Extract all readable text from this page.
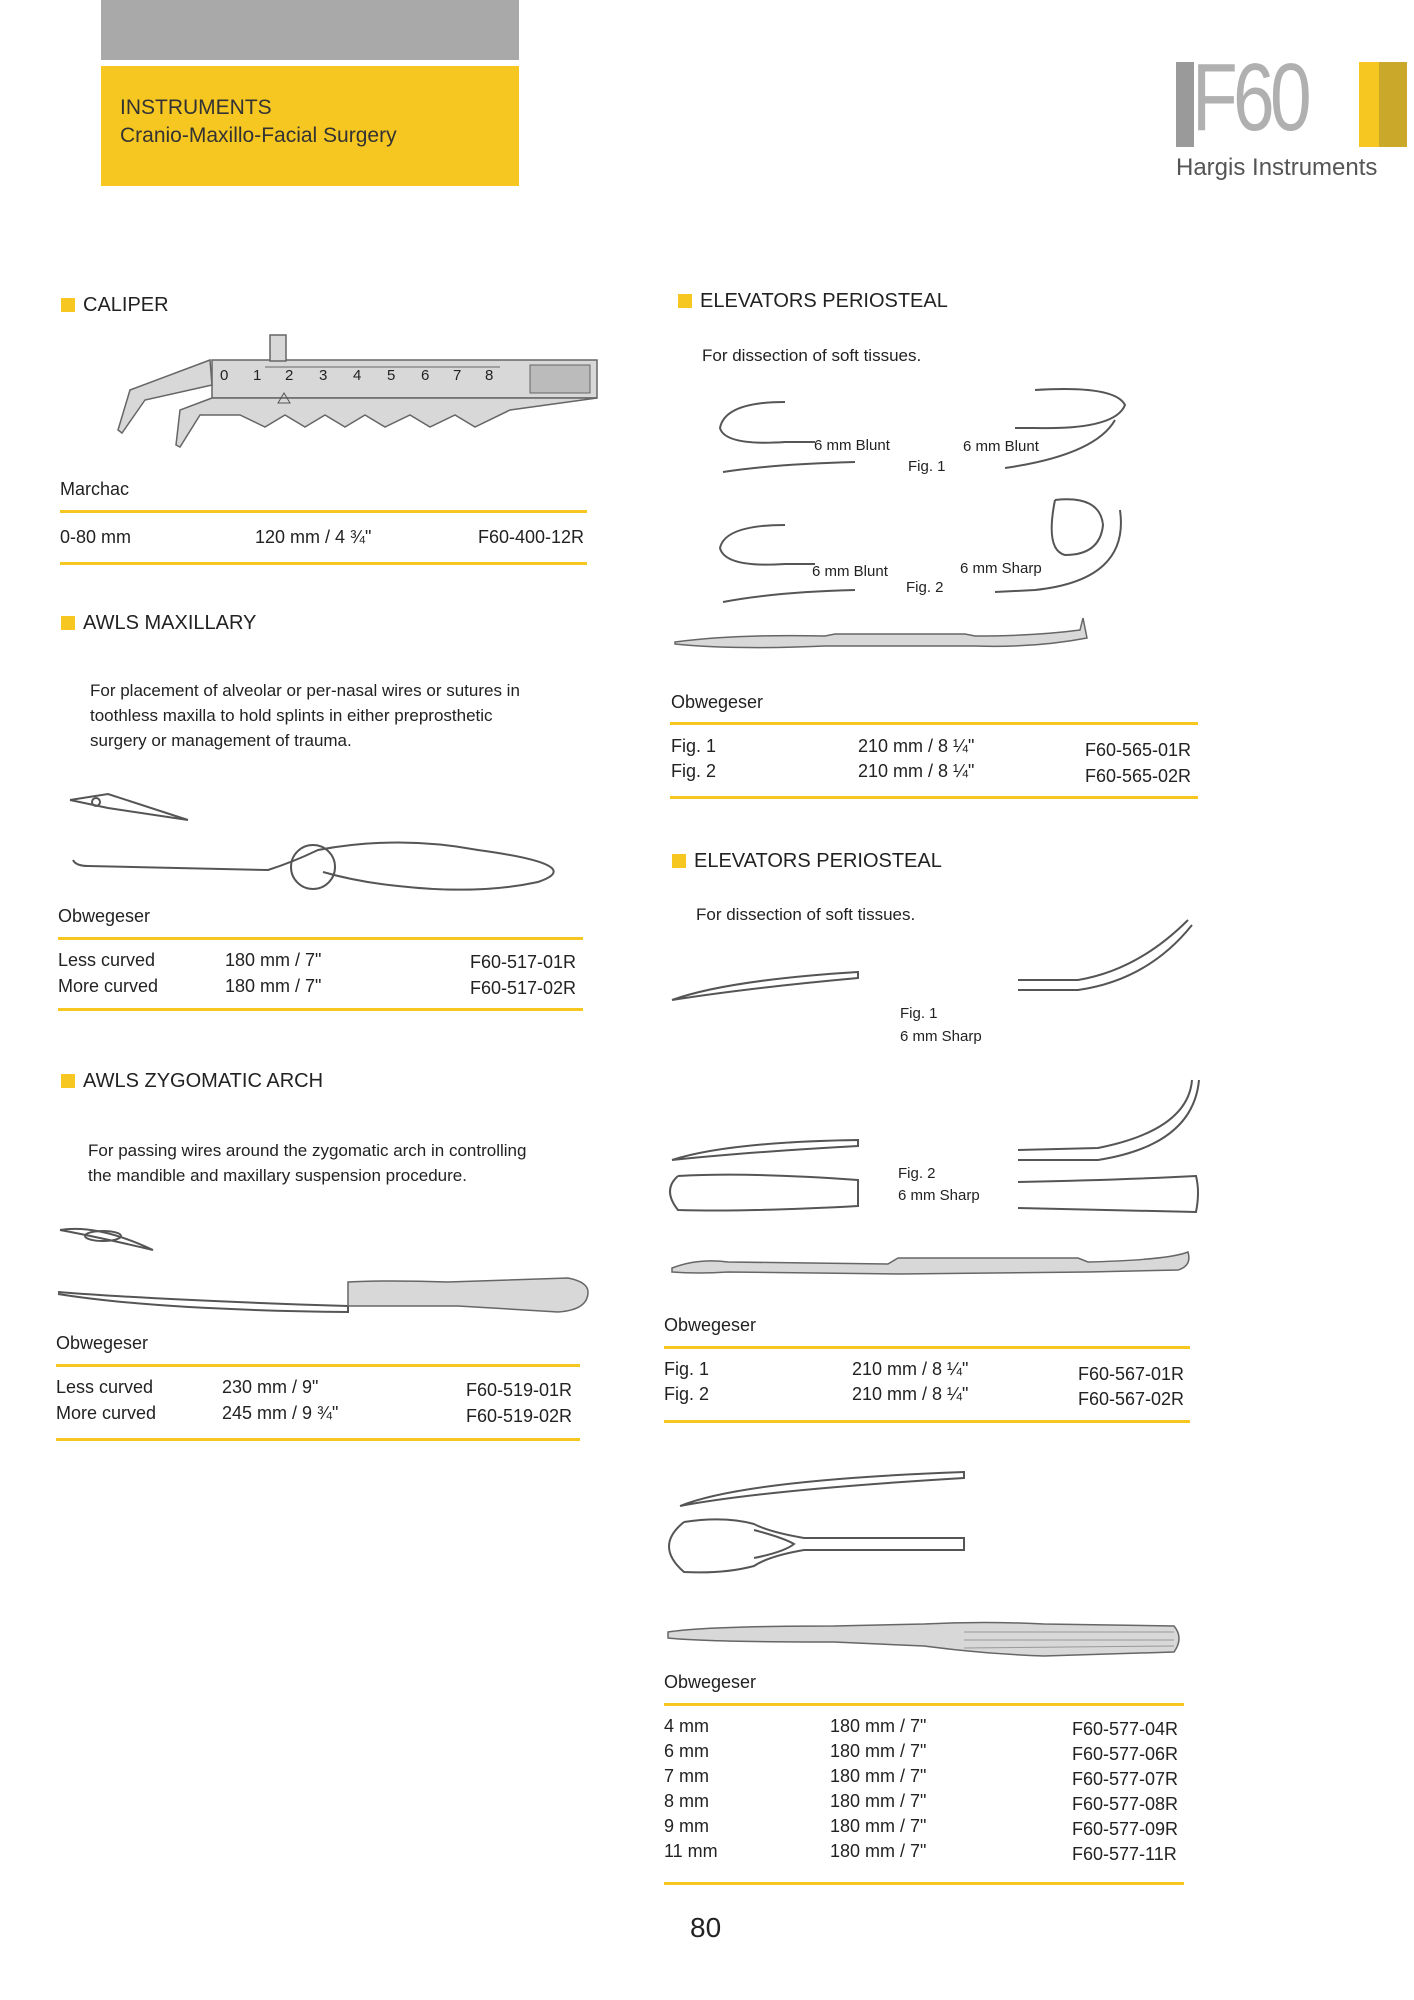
INSTRUMENTS
Cranio-Maxillo-Facial Surgery	F60
Hargis Instruments
CALIPER
0 1 2 3 4 5 6 7 8
Marchac
0-80 mm	120 mm / 4 ¾"	F60-400-12R
AWLS MAXILLARY
For placement of alveolar or per-nasal wires or sutures in
toothless maxilla to hold splints in either preprosthetic
surgery or management of trauma.
Obwegeser
Less curved	180 mm / 7"	F60-517-01R
More curved	180 mm / 7"	F60-517-02R
AWLS ZYGOMATIC ARCH
For passing wires around the zygomatic arch in controlling
the mandible and maxillary suspension procedure.
Obwegeser
Less curved	230 mm / 9"	F60-519-01R
More curved	245 mm / 9 ¾"	F60-519-02R
ELEVATORS PERIOSTEAL
For dissection of soft tissues.
6 mm Blunt	6 mm Blunt
Fig. 1
6 mm Blunt	6 mm Sharp
Fig. 2
Obwegeser
Fig. 1	210 mm / 8 ¼"	F60-565-01R
Fig. 2	210 mm / 8 ¼"	F60-565-02R
ELEVATORS PERIOSTEAL
For dissection of soft tissues.
Fig. 1
6 mm Sharp
Fig. 2
6 mm Sharp
Obwegeser
Fig. 1	210 mm / 8 ¼"	F60-567-01R
Fig. 2	210 mm / 8 ¼"	F60-567-02R
Obwegeser
4 mm	180 mm / 7"	F60-577-04R
6 mm	180 mm / 7"	F60-577-06R
7 mm	180 mm / 7"	F60-577-07R
8 mm	180 mm / 7"	F60-577-08R
9 mm	180 mm / 7"	F60-577-09R
11 mm	180 mm / 7"	F60-577-11R
80
